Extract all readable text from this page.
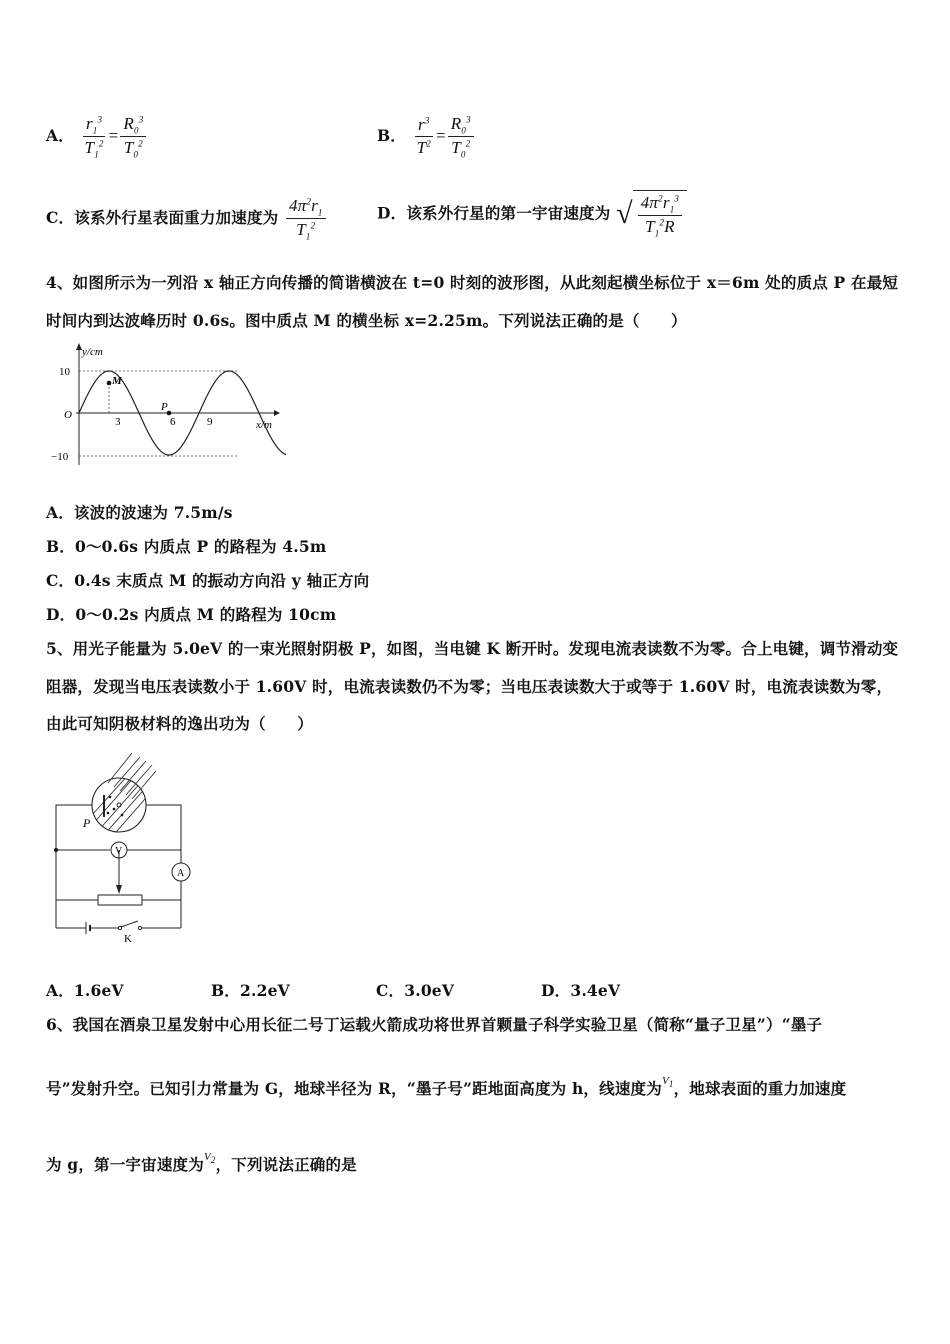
A． $\frac{r_1^3}{T_1^2} = \frac{R_0^3}{T_0^2}$	B． $\frac{r^3}{T^2} = \frac{R_0^3}{T_0^2}$
C．该系外行星表面重力加速度为 $\frac{4\pi^2r_1}{T_1^2}$	D．该系外行星的第一宇宙速度为 √ $\frac{4\pi^2r_1^3}{T_1^2R}$
4、如图所示为一列沿 x 轴正方向传播的简谐横波在 t=0 时刻的波形图，从此刻起横坐标位于 x＝6m 处的质点 P 在最短
时间内到达波峰历时 0.6s。图中质点 M 的横坐标 x=2.25m。下列说法正确的是（　　）
y/cm
x/m
O
10
−10
3	6	9
M
P
A．该波的波速为 7.5m/s
B．0～0.6s 内质点 P 的路程为 4.5m
C．0.4s 末质点 M 的振动方向沿 y 轴正方向
D．0～0.2s 内质点 M 的路程为 10cm
5、用光子能量为 5.0eV 的一束光照射阴极 P，如图，当电键 K 断开时。发现电流表读数不为零。合上电键，调节滑动变
阻器，发现当电压表读数小于 1.60V 时，电流表读数仍不为零；当电压表读数大于或等于 1.60V 时，电流表读数为零，
由此可知阴极材料的逸出功为（　　）
P
V
A
K
A．1.6eV	B．2.2eV	C．3.0eV	D．3.4eV
6、我国在酒泉卫星发射中心用长征二号丁运载火箭成功将世界首颗量子科学实验卫星（简称“量子卫星”）“墨子
号”发射升空。已知引力常量为 G，地球半径为 R，“墨子号”距地面高度为 h，线速度为$^{V_1}$，地球表面的重力加速度
为 g，第一宇宙速度为$^{V_2}$，下列说法正确的是
